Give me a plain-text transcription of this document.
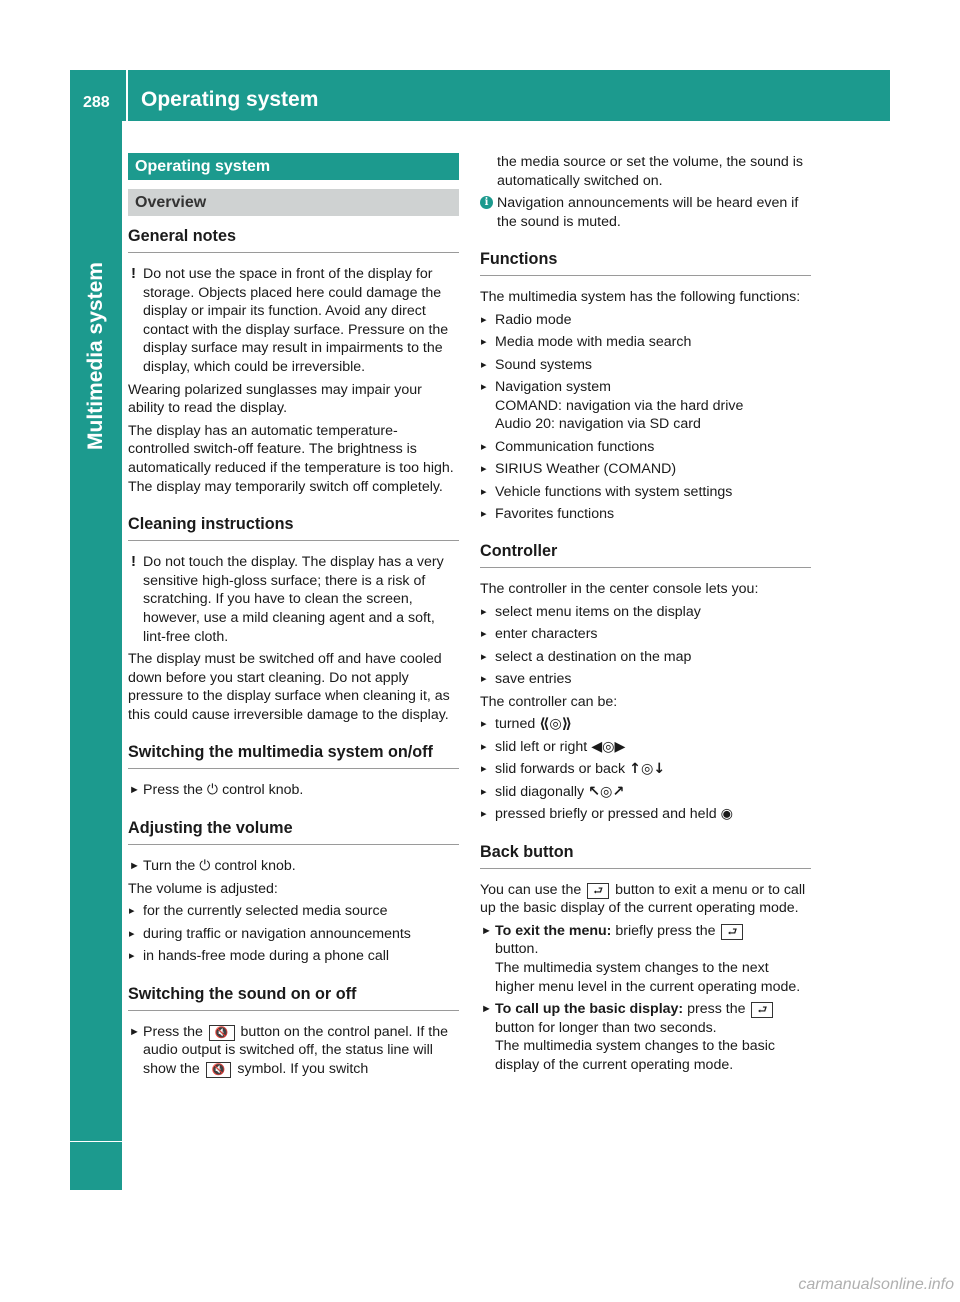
288 Operating system
Multimedia system
Operating system
Overview
General notes
! Do not use the space in front of the display for storage. Objects placed here could damage the display or impair its function. Avoid any direct contact with the display surface. Pressure on the display surface may result in impairments to the display, which could be irreversible.

Wearing polarized sunglasses may impair your ability to read the display.

The display has an automatic temperature-controlled switch-off feature. The brightness is automatically reduced if the temperature is too high. The display may temporarily switch off completely.

Cleaning instructions
! Do not touch the display. The display has a very sensitive high-gloss surface; there is a risk of scratching. If you have to clean the screen, however, use a mild cleaning agent and a soft, lint-free cloth.

The display must be switched off and have cooled down before you start cleaning. Do not apply pressure to the display surface when cleaning it, as this could cause irreversible damage to the display.

Switching the multimedia system on/off
► Press the ⏻ control knob.
Adjusting the volume
► Turn the ⏻ control knob.

The volume is adjusted:

▸ for the currently selected media source
▸ during traffic or navigation announcements
▸ in hands-free mode during a phone call
Switching the sound on or off
► Press the 🔇 button on the control panel. If the audio output is switched off, the status line will show the 🔇 symbol. If you switch

the media source or set the volume, the sound is automatically switched on.

i Navigation announcements will be heard even if the sound is muted.
Functions

The multimedia system has the following functions:

▸ Radio mode
▸ Media mode with media search
▸ Sound systems
▸ Navigation system
COMAND: navigation via the hard drive
Audio 20: navigation via SD card
▸ Communication functions
▸ SIRIUS Weather (COMAND)
▸ Vehicle functions with system settings
▸ Favorites functions
Controller

The controller in the center console lets you:

▸ select menu items on the display
▸ enter characters
▸ select a destination on the map
▸ save entries

The controller can be:

▸ turned ⟪◎⟫
▸ slid left or right ◀◎▶
▸ slid forwards or back ↑◎↓
▸ slid diagonally ↖◎↗
▸ pressed briefly or pressed and held ◉
Back button

You can use the ⮐ button to exit a menu or to call up the basic display of the current operating mode.

► To exit the menu: briefly press the ⮐
button.
The multimedia system changes to the next higher menu level in the current operating mode.
► To call up the basic display: press the ⮐
button for longer than two seconds.
The multimedia system changes to the basic display of the current operating mode.
carmanualsonline.info
